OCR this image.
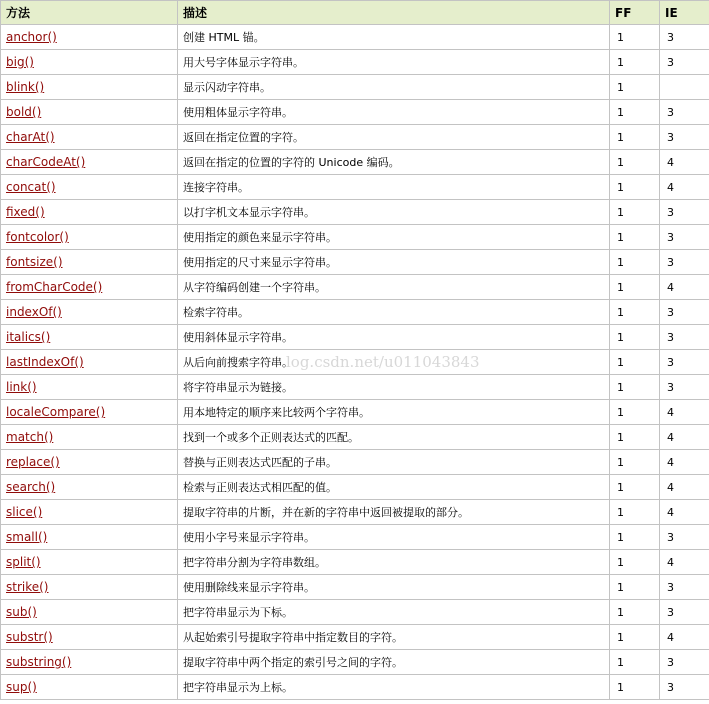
方法	描述	FF	IE
anchor()	创建 HTML 锚。	1	3
big()	用大号字体显示字符串。	1	3
blink()	显示闪动字符串。	1	
bold()	使用粗体显示字符串。	1	3
charAt()	返回在指定位置的字符。	1	3
charCodeAt()	返回在指定的位置的字符的 Unicode 编码。	1	4
concat()	连接字符串。	1	4
fixed()	以打字机文本显示字符串。	1	3
fontcolor()	使用指定的颜色来显示字符串。	1	3
fontsize()	使用指定的尺寸来显示字符串。	1	3
fromCharCode()	从字符编码创建一个字符串。	1	4
indexOf()	检索字符串。	1	3
italics()	使用斜体显示字符串。	1	3
lastIndexOf()	从后向前搜索字符串。	1	3
link()	将字符串显示为链接。	1	3
localeCompare()	用本地特定的顺序来比较两个字符串。	1	4
match()	找到一个或多个正则表达式的匹配。	1	4
replace()	替换与正则表达式匹配的子串。	1	4
search()	检索与正则表达式相匹配的值。	1	4
slice()	提取字符串的片断，并在新的字符串中返回被提取的部分。	1	4
small()	使用小字号来显示字符串。	1	3
split()	把字符串分割为字符串数组。	1	4
strike()	使用删除线来显示字符串。	1	3
sub()	把字符串显示为下标。	1	3
substr()	从起始索引号提取字符串中指定数目的字符。	1	4
substring()	提取字符串中两个指定的索引号之间的字符。	1	3
sup()	把字符串显示为上标。	1	3
log.csdn.net/u011043843
